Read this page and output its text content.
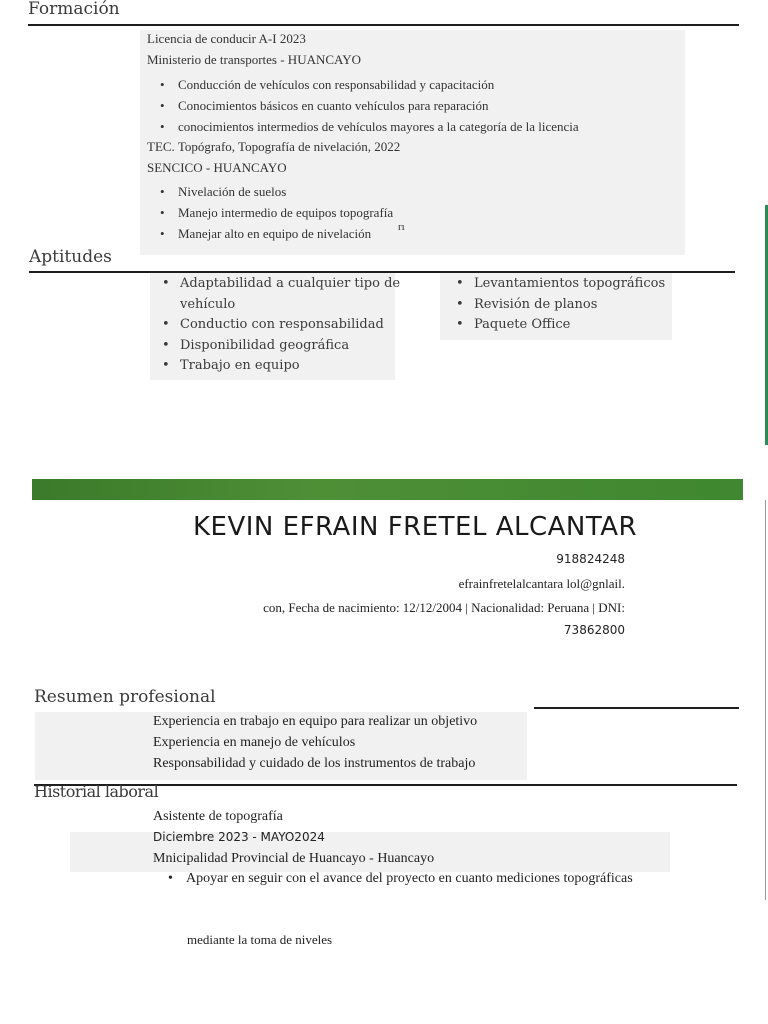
Formación
Licencia de conducir A-I 2023
Ministerio de transportes - HUANCAYO
• Conducción de vehículos con responsabilidad y capacitación
• Conocimientos básicos en cuanto vehículos para reparación
• conocimientos intermedios de vehículos mayores a la categoría de la licencia
TEC. Topógrafo, Topografía de nivelación, 2022
SENCICO - HUANCAYO
• Nivelación de suelos
• Manejo intermedio de equipos topografía
• Manejar alto en equipo de nivelación	rı
Aptitudes
• Adaptabilidad a cualquier tipo de
vehículo
• Conductio con responsabilidad
• Disponibilidad geográfica
• Trabajo en equipo
• Levantamientos topográficos
• Revisión de planos
• Paquete Office
KEVIN EFRAIN FRETEL ALCANTAR
918824248
efrainfretelalcantara lol@gnlail.
con, Fecha de nacimiento: 12/12/2004 | Nacionalidad: Peruana | DNI:
73862800
Resumen profesional
Experiencia en trabajo en equipo para realizar un objetivo
Experiencia en manejo de vehículos
Responsabilidad y cuidado de los instrumentos de trabajo
Historial laboral
Asistente de topografía
Diciembre 2023 - MAYO2024
Mnicipalidad Provincial de Huancayo - Huancayo
• Apoyar en seguir con el avance del proyecto en cuanto mediciones topográficas
mediante la toma de niveles
